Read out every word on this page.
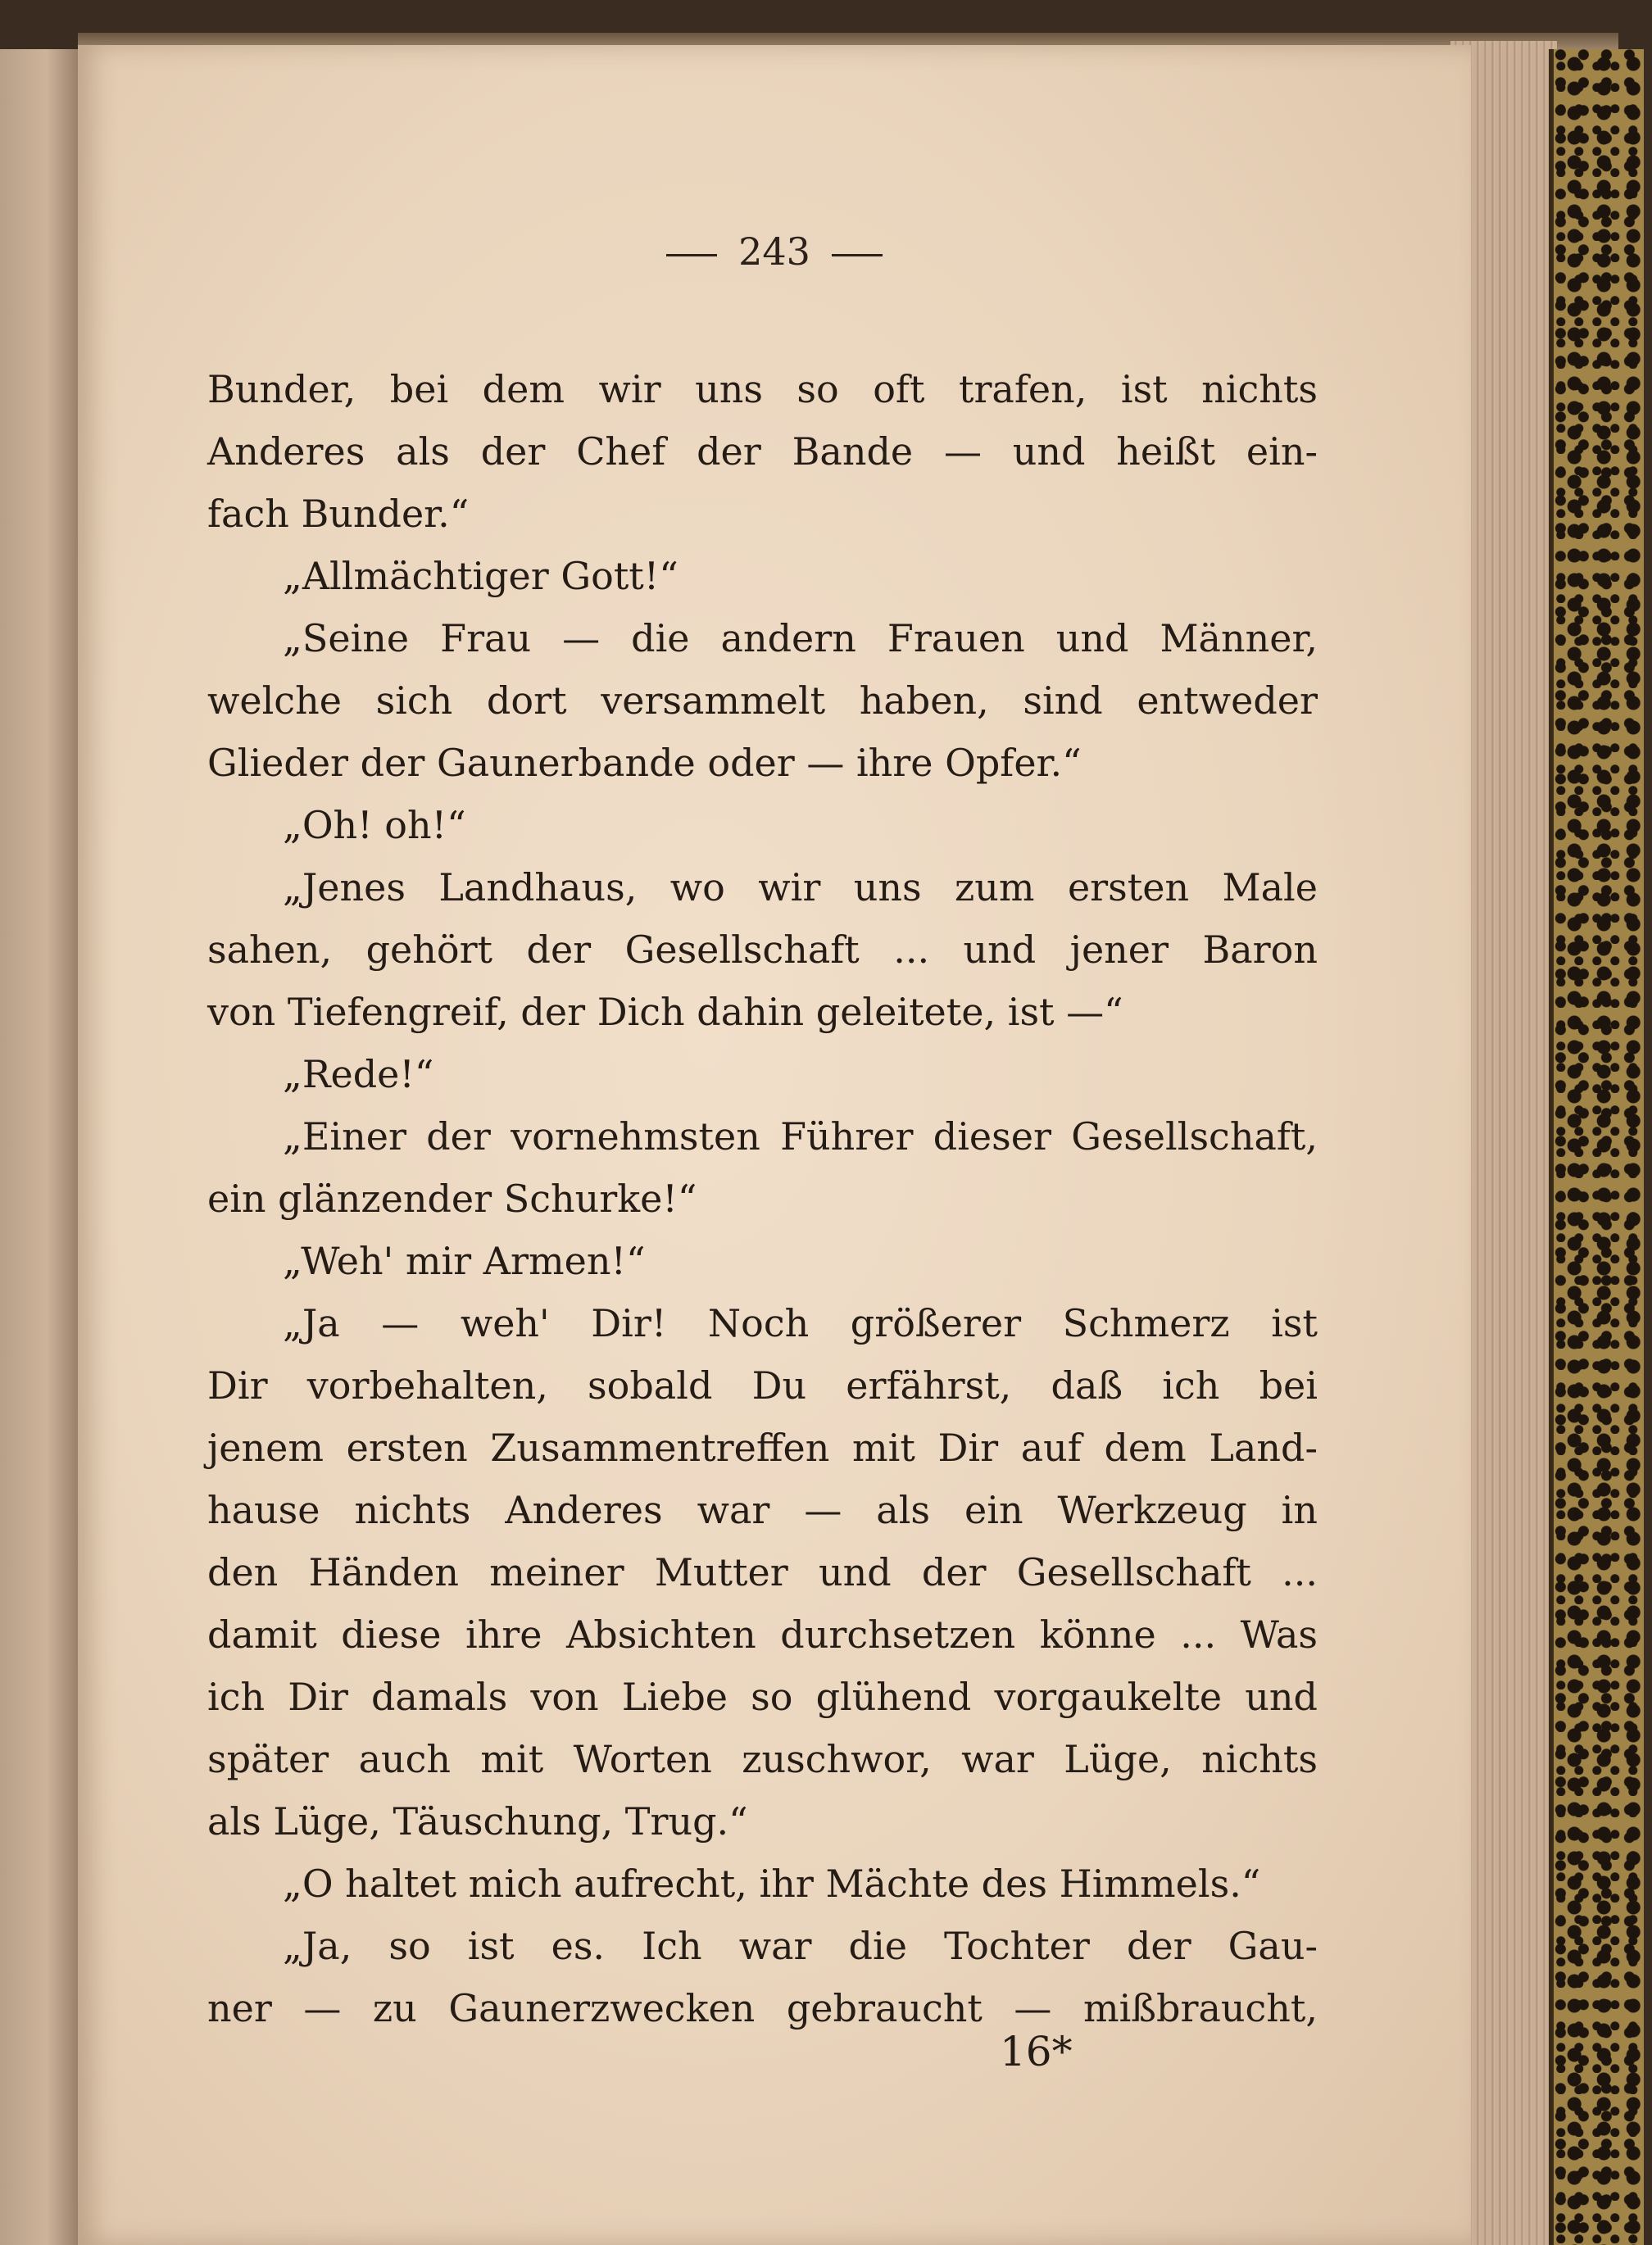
243
Bunder, bei dem wir uns so oft trafen, ist nichts
Anderes als der Chef der Bande — und heißt ein-
fach Bunder.“
„Allmächtiger Gott!“
„Seine Frau — die andern Frauen und Männer,
welche sich dort versammelt haben, sind entweder
Glieder der Gaunerbande oder — ihre Opfer.“
„Oh! oh!“
„Jenes Landhaus, wo wir uns zum ersten Male
sahen, gehört der Gesellschaft ... und jener Baron
von Tiefengreif, der Dich dahin geleitete, ist —“
„Rede!“
„Einer der vornehmsten Führer dieser Gesellschaft,
ein glänzender Schurke!“
„Weh' mir Armen!“
„Ja — weh' Dir! Noch größerer Schmerz ist
Dir vorbehalten, sobald Du erfährst, daß ich bei
jenem ersten Zusammentreffen mit Dir auf dem Land-
hause nichts Anderes war — als ein Werkzeug in
den Händen meiner Mutter und der Gesellschaft ...
damit diese ihre Absichten durchsetzen könne ... Was
ich Dir damals von Liebe so glühend vorgaukelte und
später auch mit Worten zuschwor, war Lüge, nichts
als Lüge, Täuschung, Trug.“
„O haltet mich aufrecht, ihr Mächte des Himmels.“
„Ja, so ist es. Ich war die Tochter der Gau-
ner — zu Gaunerzwecken gebraucht — mißbraucht,
16*
